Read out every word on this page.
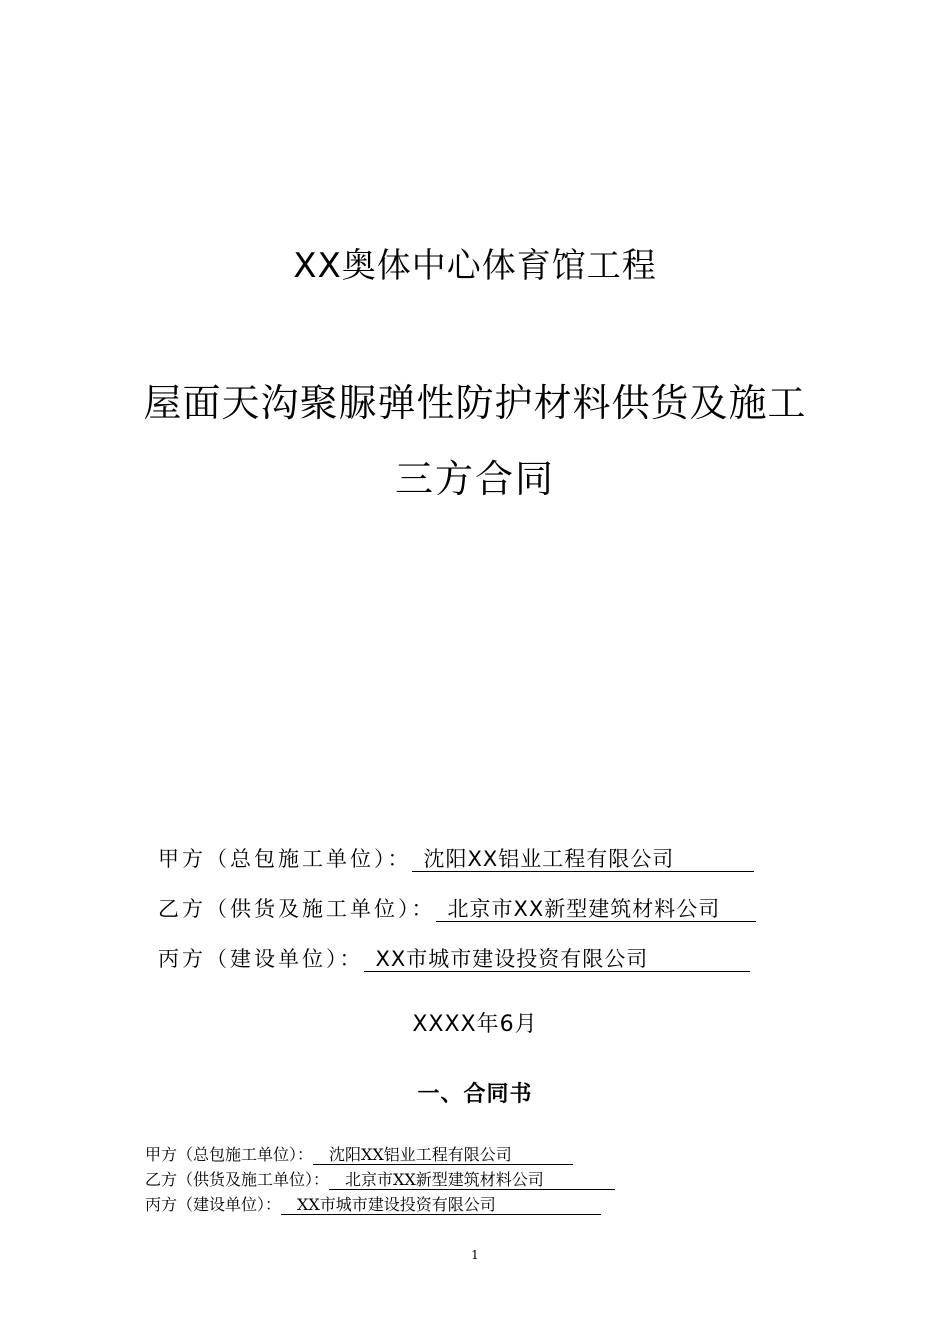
XX奥体中心体育馆工程
屋面天沟聚脲弹性防护材料供货及施工
三方合同
甲方（总包施工单位）： 沈阳XX铝业工程有限公司
乙方（供货及施工单位）： 北京市XX新型建筑材料公司
丙方（建设单位）： XX市城市建设投资有限公司
XXXX年6月
一、合同书
甲方（总包施工单位）：	沈阳XX铝业工程有限公司
乙方（供货及施工单位）：	北京市XX新型建筑材料公司
丙方（建设单位）：	XX市城市建设投资有限公司
1
